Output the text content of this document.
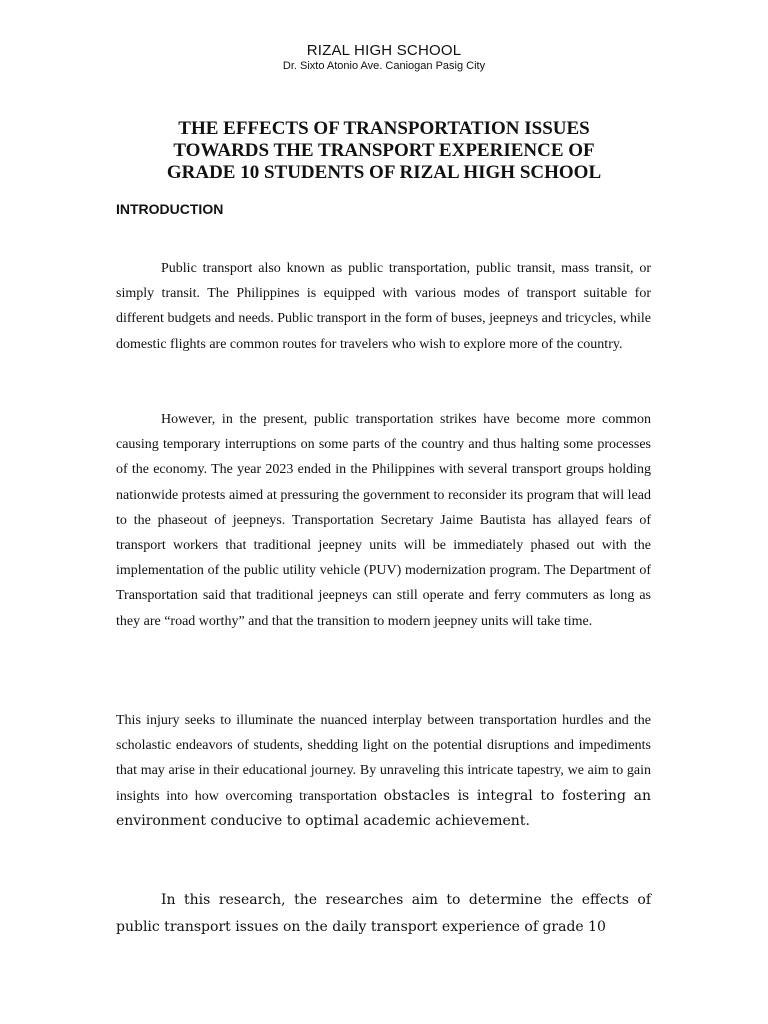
RIZAL HIGH SCHOOL
Dr. Sixto Atonio Ave. Caniogan Pasig City
THE EFFECTS OF TRANSPORTATION ISSUES
TOWARDS THE TRANSPORT EXPERIENCE OF
GRADE 10 STUDENTS OF RIZAL HIGH SCHOOL
INTRODUCTION

Public transport also known as public transportation, public transit, mass transit, or simply transit. The Philippines is equipped with various modes of transport suitable for different budgets and needs. Public transport in the form of buses, jeepneys and tricycles, while domestic flights are common routes for travelers who wish to explore more of the country.

However, in the present, public transportation strikes have become more common causing temporary interruptions on some parts of the country and thus halting some processes of the economy. The year 2023 ended in the Philippines with several transport groups holding nationwide protests aimed at pressuring the government to reconsider its program that will lead to the phaseout of jeepneys. Transportation Secretary Jaime Bautista has allayed fears of transport workers that traditional jeepney units will be immediately phased out with the implementation of the public utility vehicle (PUV) modernization program. The Department of Transportation said that traditional jeepneys can still operate and ferry commuters as long as they are “road worthy” and that the transition to modern jeepney units will take time.

This injury seeks to illuminate the nuanced interplay between transportation hurdles and the scholastic endeavors of students, shedding light on the potential disruptions and impediments that may arise in their educational journey. By unraveling this intricate tapestry, we aim to gain insights into how overcoming transportation obstacles is integral to fostering an environment conducive to optimal academic achievement.

In this research, the researches aim to determine the effects of public transport issues on the daily transport experience of grade 10
